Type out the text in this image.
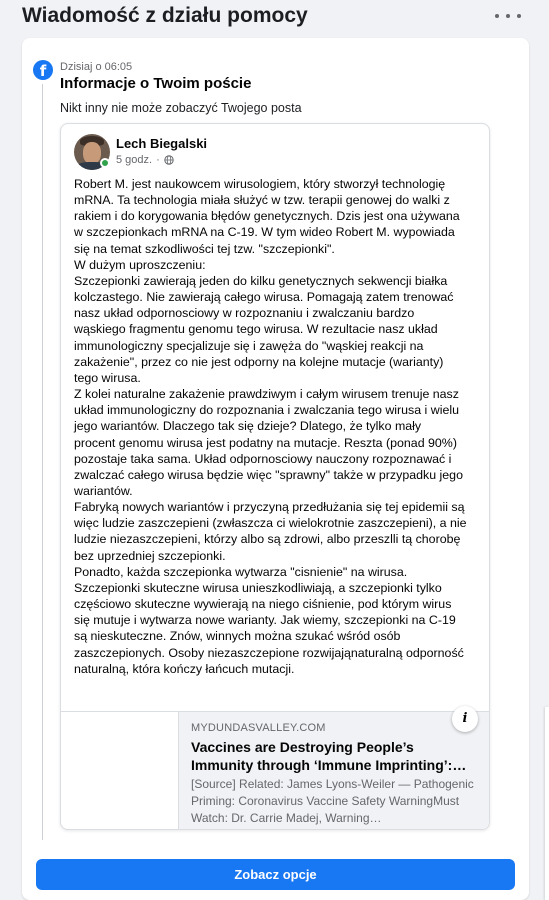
Wiadomość z działu pomocy
f	Dzisiaj o 06:05
Informacje o Twoim poście
Nikt inny nie może zobaczyć Twojego posta
Lech Biegalski
5 godz. ·
Robert M. jest naukowcem wirusologiem, który stworzył technologię
mRNA. Ta technologia miała służyć w tzw. terapii genowej do walki z
rakiem i do korygowania błędów genetycznych. Dzis jest ona używana
w szczepionkach mRNA na C-19. W tym wideo Robert M. wypowiada
się na temat szkodliwości tej tzw. "szczepionki".
W dużym uproszczeniu:
Szczepionki zawierają jeden do kilku genetycznych sekwencji białka
kolczastego. Nie zawierają całego wirusa. Pomagają zatem trenować
nasz układ odpornosciowy w rozpoznaniu i zwalczaniu bardzo
wąskiego fragmentu genomu tego wirusa. W rezultacie nasz układ
immunologiczny specjalizuje się i zawęża do "wąskiej reakcji na
zakażenie", przez co nie jest odporny na kolejne mutacje (warianty)
tego wirusa.
Z kolei naturalne zakażenie prawdziwym i całym wirusem trenuje nasz
układ immunologiczny do rozpoznania i zwalczania tego wirusa i wielu
jego wariantów. Dlaczego tak się dzieje? Dlatego, że tylko mały
procent genomu wirusa jest podatny na mutacje. Reszta (ponad 90%)
pozostaje taka sama. Układ odpornosciowy nauczony rozpoznawać i
zwalczać całego wirusa będzie więc "sprawny" także w przypadku jego
wariantów.
Fabryką nowych wariantów i przyczyną przedłużania się tej epidemii są
więc ludzie zaszczepieni (zwłaszcza ci wielokrotnie zaszczepieni), a nie
ludzie niezaszczepieni, którzy albo są zdrowi, albo przeszlli tą chorobę
bez uprzedniej szczepionki.
Ponadto, każda szczepionka wytwarza "cisnienie" na wirusa.
Szczepionki skuteczne wirusa unieszkodliwiają, a szczepionki tylko
częściowo skuteczne wywierają na niego ciśnienie, pod którym wirus
się mutuje i wytwarza nowe warianty. Jak wiemy, szczepionki na C-19
są nieskuteczne. Znów, winnych można szukać wśród osób
zaszczepionych. Osoby niezaszczepione rozwijająnaturalną odporność
naturalną, która kończy łańcuch mutacji.
MYDUNDASVALLEY.COM
Vaccines are Destroying People’s Immunity through ‘Immune Imprinting’:…
[Source] Related: James Lyons-Weiler — Pathogenic Priming: Coronavirus Vaccine Safety WarningMust Watch: Dr. Carrie Madej, Warning…
i
Zobacz opcje
